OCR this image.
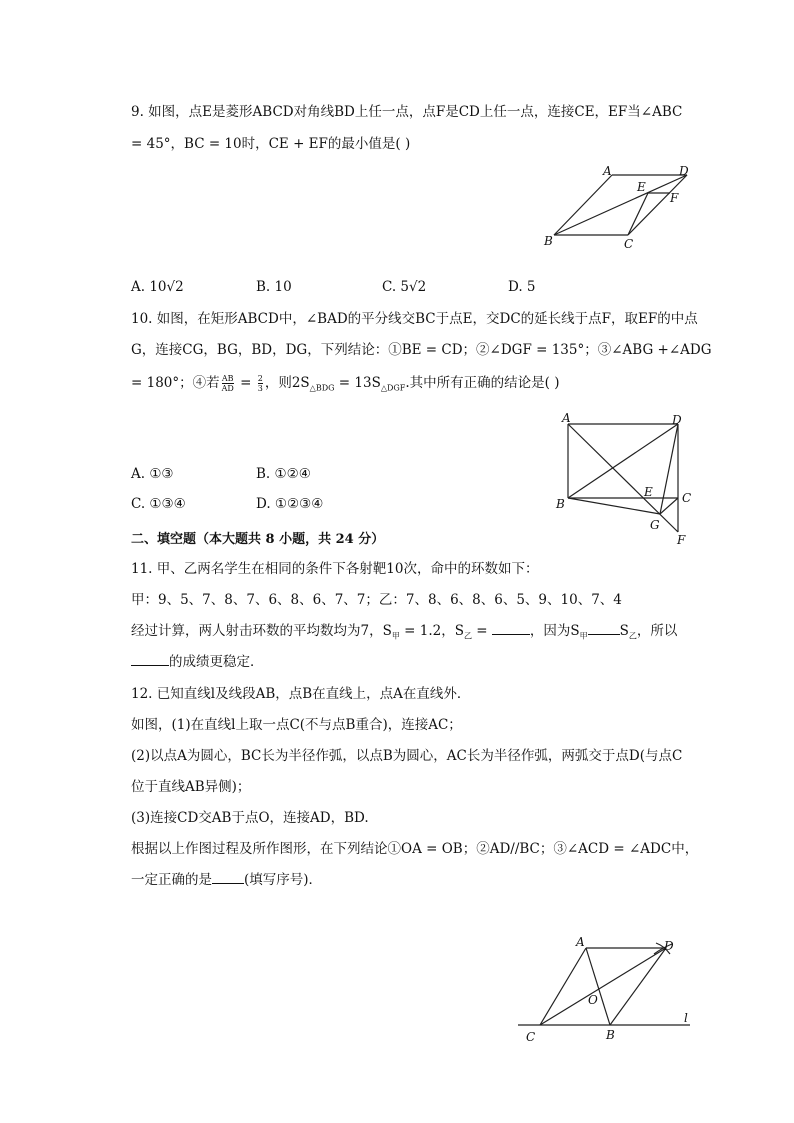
9. 如图，点E是菱形ABCD对角线BD上任一点，点F是CD上任一点，连接CE，EF当∠ABC
= 45°，BC = 10时，CE + EF的最小值是( )
A	D
E
F
B	C
A. 10√2	B. 10	C. 5√2	D. 5
10. 如图，在矩形ABCD中，∠BAD的平分线交BC于点E，交DC的延长线于点F，取EF的中点
G，连接CG，BG，BD，DG，下列结论：①BE = CD；②∠DGF = 135°；③∠ABG +∠ADG
= 180°；④若 $\frac{AB}{AD} = \frac{2}{3}$ ，则$2S_{\triangle BDG} = 13S_{\triangle DGF}$.其中所有正确的结论是( )
A	D
B
E C
G
F
A. ①③	B. ①②④
C. ①③④	D. ①②③④
二、填空题（本大题共 8 小题，共 24 分）
11. 甲、乙两名学生在相同的条件下各射靶10次，命中的环数如下：
甲：9、5、7、8、7、6、8、6、7、7；乙：7、8、6、8、6、5、9、10、7、4
经过计算，两人射击环数的平均数均为7，$S_甲 = 1.2$，$S_乙$ =	，因为$S_甲$ $S_乙$，所以
的成绩更稳定．
12. 已知直线l及线段AB，点B在直线上，点A在直线外．
如图，(1)在直线l上取一点C(不与点B重合)，连接AC；
(2)以点A为圆心，BC长为半径作弧，以点B为圆心，AC长为半径作弧，两弧交于点D(与点C
位于直线AB异侧)；
(3)连接CD交AB于点O，连接AD，BD.
根据以上作图过程及所作图形，在下列结论①OA = OB；②AD//BC；③∠ACD = ∠ADC中，
一定正确的是 (填写序号)．
A	D
O
C	B
l
